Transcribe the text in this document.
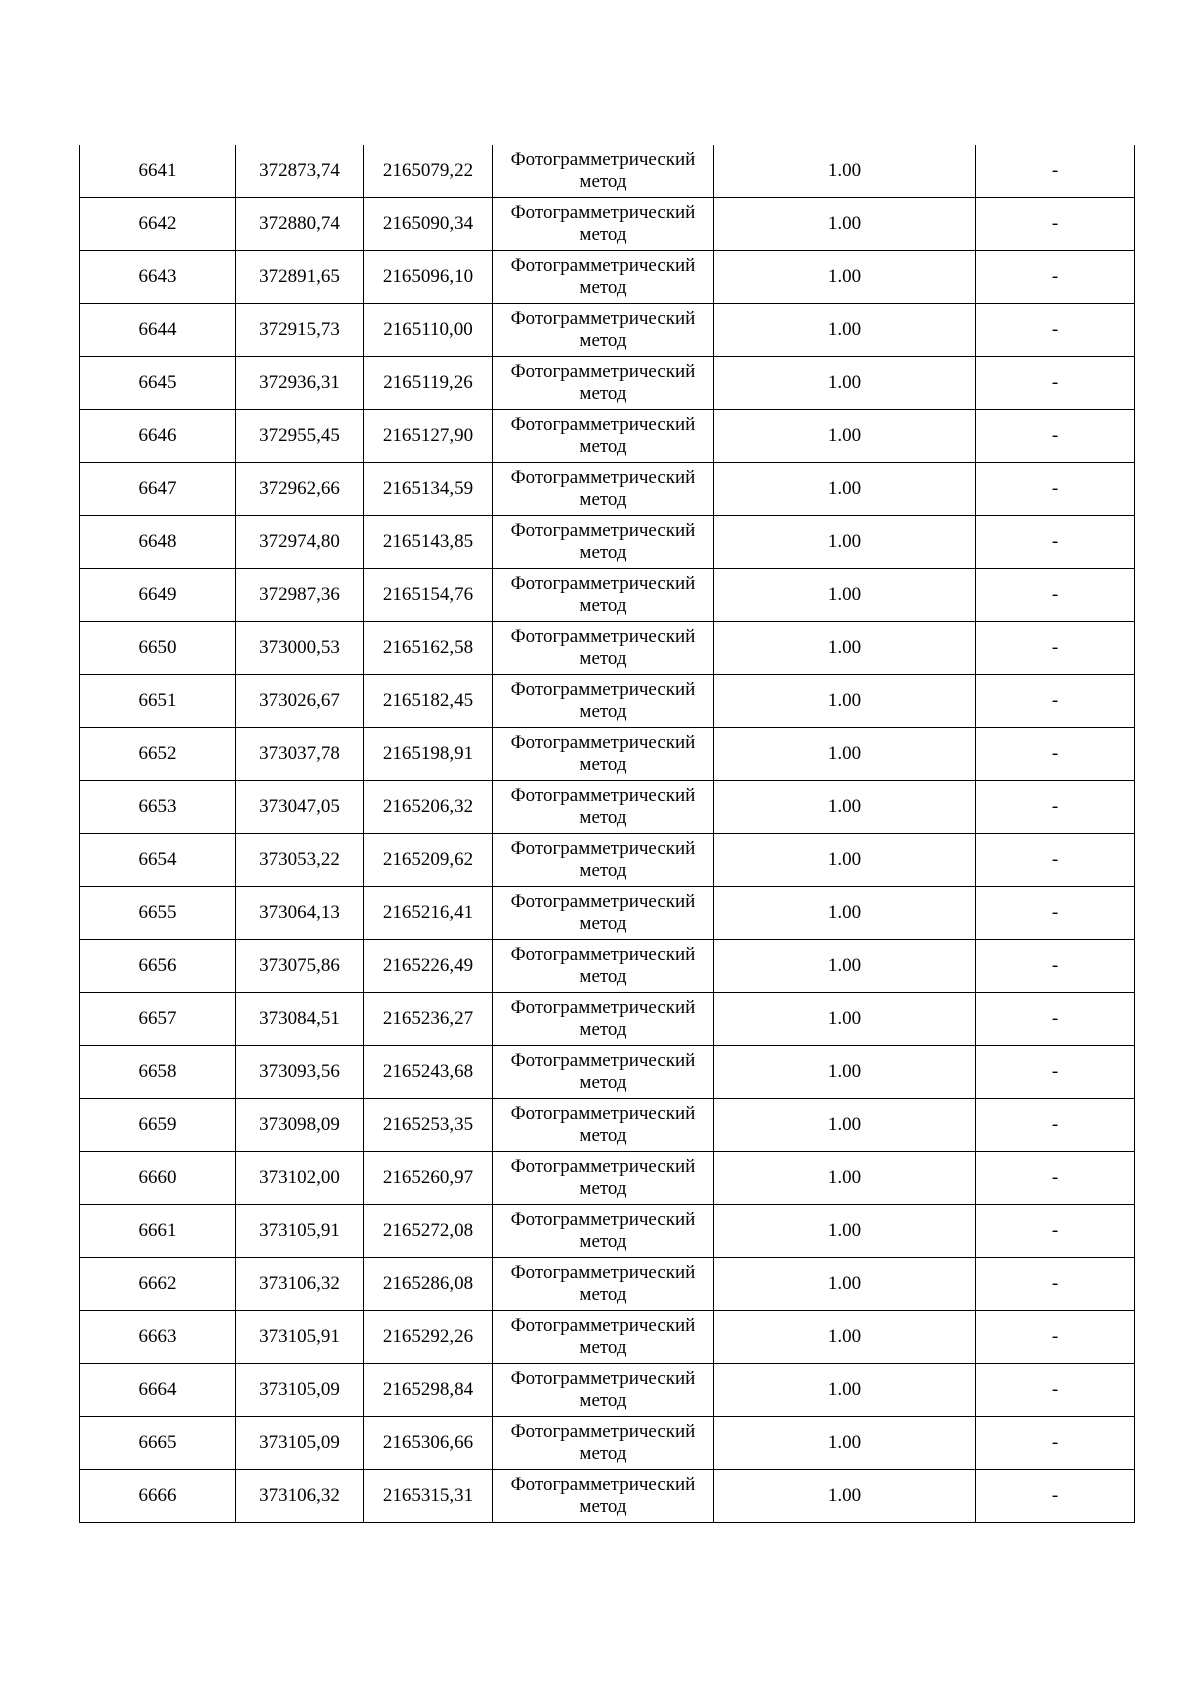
6641	372873,74	2165079,22	Фотограмметрический метод	1.00	-
6642	372880,74	2165090,34	Фотограмметрический метод	1.00	-
6643	372891,65	2165096,10	Фотограмметрический метод	1.00	-
6644	372915,73	2165110,00	Фотограмметрический метод	1.00	-
6645	372936,31	2165119,26	Фотограмметрический метод	1.00	-
6646	372955,45	2165127,90	Фотограмметрический метод	1.00	-
6647	372962,66	2165134,59	Фотограмметрический метод	1.00	-
6648	372974,80	2165143,85	Фотограмметрический метод	1.00	-
6649	372987,36	2165154,76	Фотограмметрический метод	1.00	-
6650	373000,53	2165162,58	Фотограмметрический метод	1.00	-
6651	373026,67	2165182,45	Фотограмметрический метод	1.00	-
6652	373037,78	2165198,91	Фотограмметрический метод	1.00	-
6653	373047,05	2165206,32	Фотограмметрический метод	1.00	-
6654	373053,22	2165209,62	Фотограмметрический метод	1.00	-
6655	373064,13	2165216,41	Фотограмметрический метод	1.00	-
6656	373075,86	2165226,49	Фотограмметрический метод	1.00	-
6657	373084,51	2165236,27	Фотограмметрический метод	1.00	-
6658	373093,56	2165243,68	Фотограмметрический метод	1.00	-
6659	373098,09	2165253,35	Фотограмметрический метод	1.00	-
6660	373102,00	2165260,97	Фотограмметрический метод	1.00	-
6661	373105,91	2165272,08	Фотограмметрический метод	1.00	-
6662	373106,32	2165286,08	Фотограмметрический метод	1.00	-
6663	373105,91	2165292,26	Фотограмметрический метод	1.00	-
6664	373105,09	2165298,84	Фотограмметрический метод	1.00	-
6665	373105,09	2165306,66	Фотограмметрический метод	1.00	-
6666	373106,32	2165315,31	Фотограмметрический метод	1.00	-
